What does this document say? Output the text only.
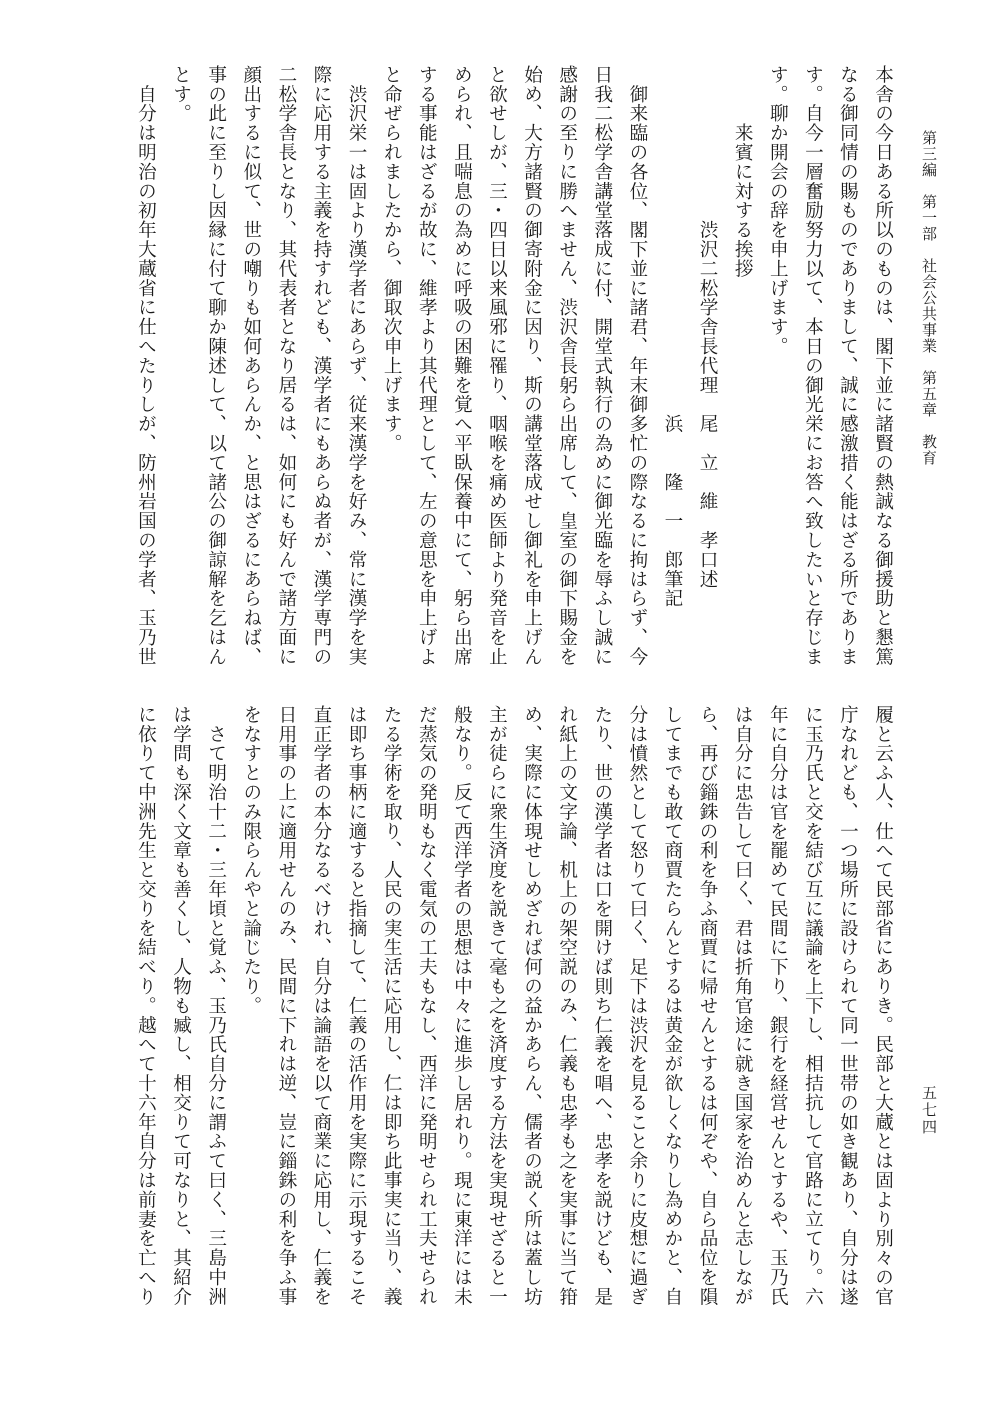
第三編　第一部　社会公共事業　第五章　教育
五七四
本舎の今日ある所以のものは、閣下並に諸賢の熱誠なる御援助と懇篤
なる御同情の賜ものでありまして、誠に感激措く能はざる所でありま
す。自今一層奮励努力以て、本日の御光栄にお答へ致したいと存じま
す。聊か開会の辞を申上げます。
　　　来賓に対する挨拶
　　　　　　　　渋沢二松学舎長代理　尾　立　維　孝口述
　　　　　　　　　　　　　　　　　　浜　　隆　一　郎筆記
　御来臨の各位、閣下並に諸君、年末御多忙の際なるに拘はらず、今
日我二松学舎講堂落成に付、開堂式執行の為めに御光臨を辱ふし誠に
感謝の至りに勝へません、渋沢舎長躬ら出席して、皇室の御下賜金を
始め、大方諸賢の御寄附金に因り、斯の講堂落成せし御礼を申上げん
と欲せしが、三・四日以来風邪に罹り、咽喉を痛め医師より発音を止
められ、且喘息の為めに呼吸の困難を覚へ平臥保養中にて、躬ら出席
する事能はざるが故に、維孝より其代理として、左の意思を申上げよ
と命ぜられましたから、御取次申上げます。
　渋沢栄一は固より漢学者にあらず、従来漢学を好み、常に漢学を実
際に応用する主義を持すれども、漢学者にもあらぬ者が、漢学専門の
二松学舎長となり、其代表者となり居るは、如何にも好んで諸方面に
顔出するに似て、世の嘲りも如何あらんか、と思はざるにあらねば、
事の此に至りし因縁に付て聊か陳述して、以て諸公の御諒解を乞はん
とす。
　自分は明治の初年大蔵省に仕へたりしが、防州岩国の学者、玉乃世
履と云ふ人、仕へて民部省にありき。民部と大蔵とは固より別々の官
庁なれども、一つ場所に設けられて同一世帯の如き観あり、自分は遂
に玉乃氏と交を結び互に議論を上下し、相拮抗して官路に立てり。六
年に自分は官を罷めて民間に下り、銀行を経営せんとするや、玉乃氏
は自分に忠告して曰く、君は折角官途に就き国家を治めんと志しなが
ら、再び錙銖の利を争ふ商賈に帰せんとするは何ぞや、自ら品位を隕
してまでも敢て商賈たらんとするは黄金が欲しくなりし為めかと、自
分は憤然として怒りて曰く、足下は渋沢を見ること余りに皮想に過ぎ
たり、世の漢学者は口を開けば則ち仁義を唱へ、忠孝を説けども、是
れ紙上の文字論、机上の架空説のみ、仁義も忠孝も之を実事に当て箝
め、実際に体現せしめざれば何の益かあらん、儒者の説く所は蓋し坊
主が徒らに衆生済度を説きて毫も之を済度する方法を実現せざると一
般なり。反て西洋学者の思想は中々に進歩し居れり。現に東洋には未
だ蒸気の発明もなく電気の工夫もなし、西洋に発明せられ工夫せられ
たる学術を取り、人民の実生活に応用し、仁は即ち此事実に当り、義
は即ち事柄に適すると指摘して、仁義の活作用を実際に示現するこそ
直正学者の本分なるべけれ、自分は論語を以て商業に応用し、仁義を
日用事の上に適用せんのみ、民間に下れは逆、豈に錙銖の利を争ふ事
をなすとのみ限らんやと論じたり。
　さて明治十二・三年頃と覚ふ、玉乃氏自分に謂ふて曰く、三島中洲
は学問も深く文章も善くし、人物も臧し、相交りて可なりと、其紹介
に依りて中洲先生と交りを結べり。越へて十六年自分は前妻を亡へり
